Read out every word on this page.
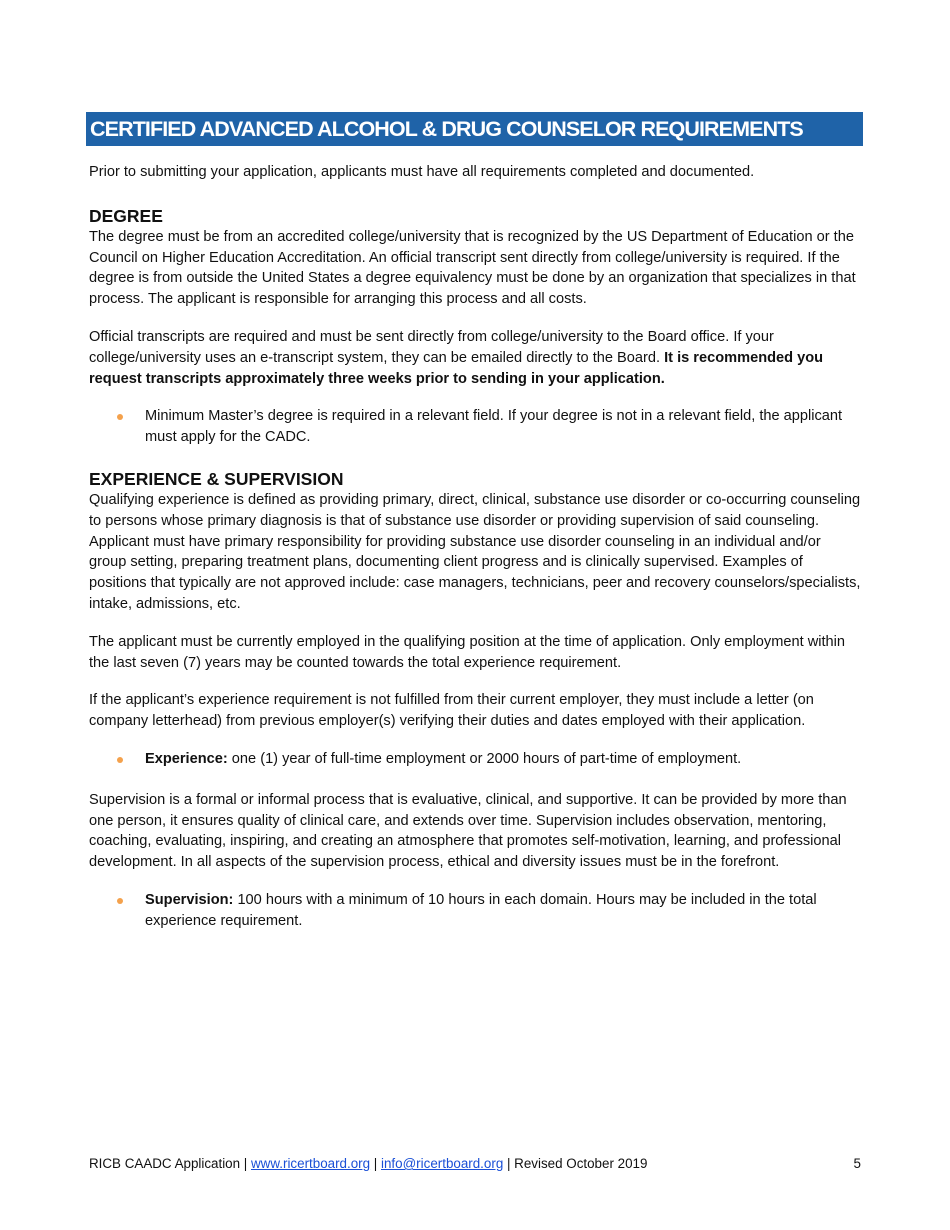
CERTIFIED ADVANCED ALCOHOL & DRUG COUNSELOR REQUIREMENTS

Prior to submitting your application, applicants must have all requirements completed and documented.

DEGREE

The degree must be from an accredited college/university that is recognized by the US Department of Education or the Council on Higher Education Accreditation. An official transcript sent directly from college/university is required. If the degree is from outside the United States a degree equivalency must be done by an organization that specializes in that process. The applicant is responsible for arranging this process and all costs.

Official transcripts are required and must be sent directly from college/university to the Board office. If your college/university uses an e-transcript system, they can be emailed directly to the Board. It is recommended you request transcripts approximately three weeks prior to sending in your application.

Minimum Master’s degree is required in a relevant field. If your degree is not in a relevant field, the applicant must apply for the CADC.
EXPERIENCE & SUPERVISION

Qualifying experience is defined as providing primary, direct, clinical, substance use disorder or co-occurring counseling to persons whose primary diagnosis is that of substance use disorder or providing supervision of said counseling. Applicant must have primary responsibility for providing substance use disorder counseling in an individual and/or group setting, preparing treatment plans, documenting client progress and is clinically supervised. Examples of positions that typically are not approved include: case managers, technicians, peer and recovery counselors/specialists, intake, admissions, etc.

The applicant must be currently employed in the qualifying position at the time of application. Only employment within the last seven (7) years may be counted towards the total experience requirement.

If the applicant’s experience requirement is not fulfilled from their current employer, they must include a letter (on company letterhead) from previous employer(s) verifying their duties and dates employed with their application.

Experience: one (1) year of full-time employment or 2000 hours of part-time of employment.

Supervision is a formal or informal process that is evaluative, clinical, and supportive. It can be provided by more than one person, it ensures quality of clinical care, and extends over time. Supervision includes observation, mentoring, coaching, evaluating, inspiring, and creating an atmosphere that promotes self-motivation, learning, and professional development. In all aspects of the supervision process, ethical and diversity issues must be in the forefront.

Supervision: 100 hours with a minimum of 10 hours in each domain. Hours may be included in the total experience requirement.
RICB CAADC Application | www.ricertboard.org | info@ricertboard.org | Revised October 2019	5
